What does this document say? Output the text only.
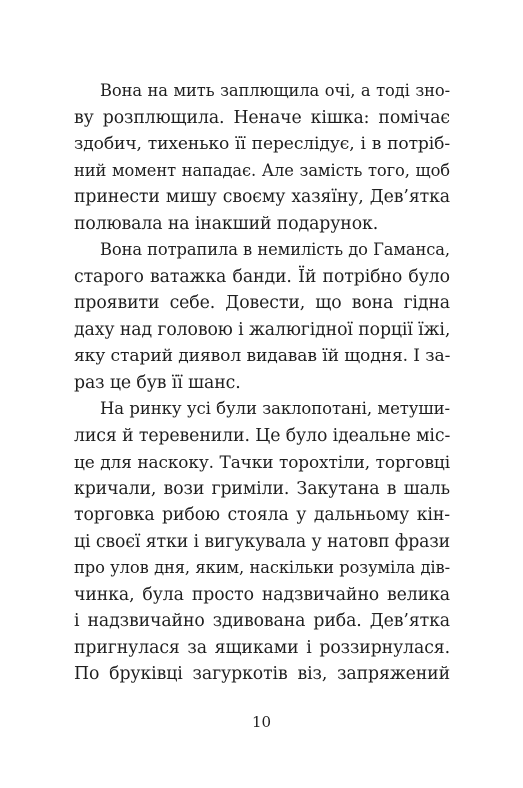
Вона на мить заплющила очі, а тоді зно-
ву розплющила. Неначе кішка: помічає
здобич, тихенько її переслідує, і в потріб-
ний момент нападає. Але замість того, щоб
принести мишу своєму хазяїну, Дев’ятка
полювала на інакший подарунок.
Вона потрапила в немилість до Гаманса,
старого ватажка банди. Їй потрібно було
проявити себе. Довести, що вона гідна
даху над головою і жалюгідної порції їжі,
яку старий диявол видавав їй щодня. І за-
раз це був її шанс.
На ринку усі були заклопотані, метуши-
лися й теревенили. Це було ідеальне міс-
це для наскоку. Тачки торохтіли, торговці
кричали, вози гриміли. Закутана в шаль
торговка рибою стояла у дальньому кін-
ці своєї ятки і вигукувала у натовп фрази
про улов дня, яким, наскільки розуміла дів-
чинка, була просто надзвичайно велика
і надзвичайно здивована риба. Дев’ятка
пригнулася за ящиками і роззирнулася.
По бруківці загуркотів віз, запряжений
10
